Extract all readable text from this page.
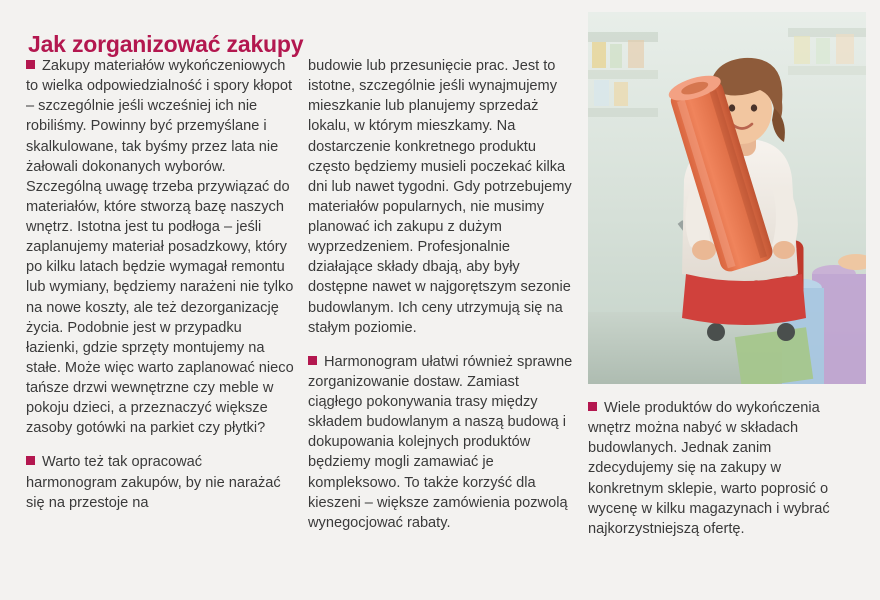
Jak zorganizować zakupy

Zakupy materiałów wykończeniowych to wielka odpowiedzialność i spory kłopot – szczególnie jeśli wcześniej ich nie robiliśmy. Powinny być przemyślane i skalkulowane, tak byśmy przez lata nie żałowali dokonanych wyborów. Szczególną uwagę trzeba przywiązać do materiałów, które stworzą bazę naszych wnętrz. Istotna jest tu podłoga – jeśli zaplanujemy materiał posadzkowy, który po kilku latach będzie wymagał remontu lub wymiany, będziemy narażeni nie tylko na nowe koszty, ale też dezorganizację życia. Podobnie jest w przypadku łazienki, gdzie sprzęty montujemy na stałe. Może więc warto zaplanować nieco tańsze drzwi wewnętrzne czy meble w pokoju dzieci, a przeznaczyć większe zasoby gotówki na parkiet czy płytki?

Warto też tak opracować harmonogram zakupów, by nie narażać się na przestoje na

budowie lub przesunięcie prac. Jest to istotne, szczególnie jeśli wynajmujemy mieszkanie lub planujemy sprzedaż lokalu, w którym mieszkamy. Na dostarczenie konkretnego produktu często będziemy musieli poczekać kilka dni lub nawet tygodni. Gdy potrzebujemy materiałów popularnych, nie musimy planować ich zakupu z dużym wyprzedzeniem. Profesjonalnie działające składy dbają, aby były dostępne nawet w najgorętszym sezonie budowlanym. Ich ceny utrzymują się na stałym poziomie.

Harmonogram ułatwi również sprawne zorganizowanie dostaw. Zamiast ciągłego pokonywania trasy między składem budowlanym a naszą budową i dokupowania kolejnych produktów będziemy mogli zamawiać je kompleksowo. To także korzyść dla kieszeni – większe zamówienia pozwolą wynegocjować rabaty.

Wiele produktów do wykończenia wnętrz można nabyć w składach budowlanych. Jednak zanim zdecydujemy się na zakupy w konkretnym sklepie, warto poprosić o wycenę w kilku magazynach i wybrać najkorzystniejszą ofertę.
